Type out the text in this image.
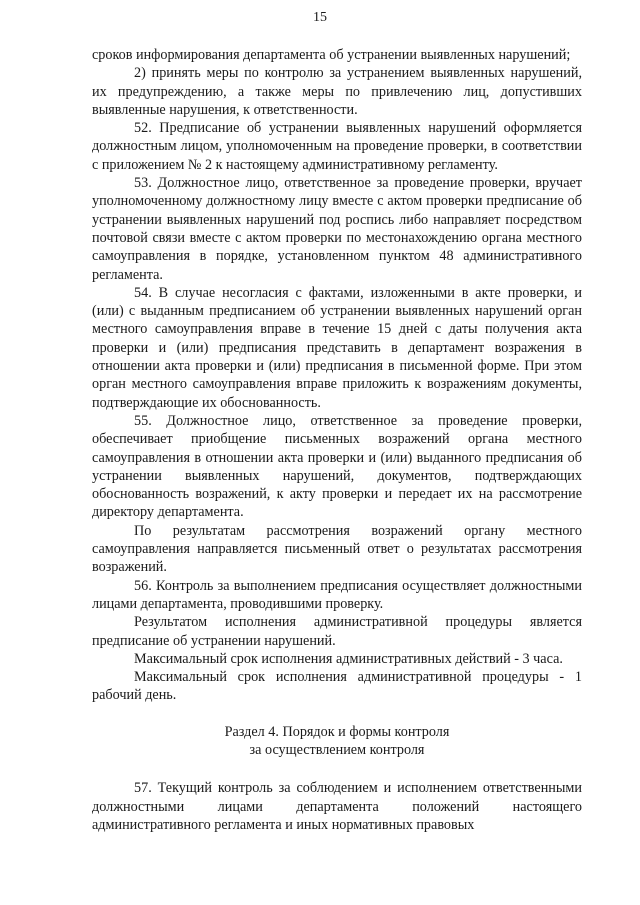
15

сроков информирования департамента об устранении выявленных нарушений;

2) принять меры по контролю за устранением выявленных нарушений, их предупреждению, а также меры по привлечению лиц, допустивших выявленные нарушения, к ответственности.

52. Предписание об устранении выявленных нарушений оформляется должностным лицом, уполномоченным на проведение проверки, в соответствии с приложением № 2 к настоящему административному регламенту.

53. Должностное лицо, ответственное за проведение проверки, вручает уполномоченному должностному лицу вместе с актом проверки предписание об устранении выявленных нарушений под роспись либо направляет посредством почтовой связи вместе с актом проверки по местонахождению органа местного самоуправления в порядке, установленном пунктом 48 административного регламента.

54. В случае несогласия с фактами, изложенными в акте проверки, и (или) с выданным предписанием об устранении выявленных нарушений орган местного самоуправления вправе в течение 15 дней с даты получения акта проверки и (или) предписания представить в департамент возражения в отношении акта проверки и (или) предписания в письменной форме. При этом орган местного самоуправления вправе приложить к возражениям документы, подтверждающие их обоснованность.

55. Должностное лицо, ответственное за проведение проверки, обеспечивает приобщение письменных возражений органа местного самоуправления в отношении акта проверки и (или) выданного предписания об устранении выявленных нарушений, документов, подтверждающих обоснованность возражений, к акту проверки и передает их на рассмотрение директору департамента.

По результатам рассмотрения возражений органу местного самоуправления направляется письменный ответ о результатах рассмотрения возражений.

56. Контроль за выполнением предписания осуществляет должностными лицами департамента, проводившими проверку.

Результатом исполнения административной процедуры является предписание об устранении нарушений.

Максимальный срок исполнения административных действий - 3 часа.

Максимальный срок исполнения административной процедуры - 1 рабочий день.

Раздел 4. Порядок и формы контроля
за осуществлением контроля

57. Текущий контроль за соблюдением и исполнением ответственными должностными лицами департамента положений настоящего административного регламента и иных нормативных правовых
